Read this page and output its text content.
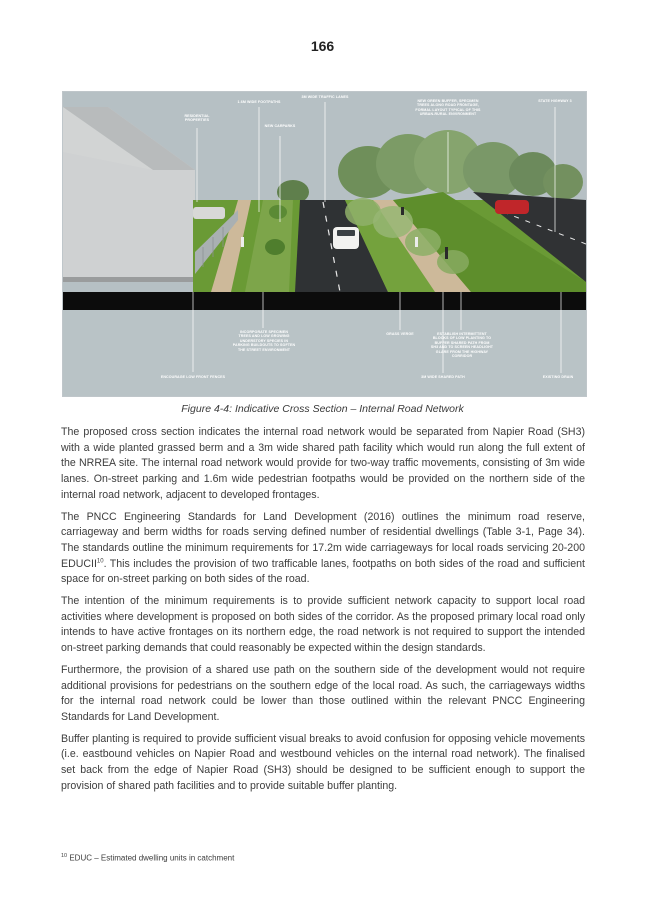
166
RESIDENTIAL
PROPERTIES
1.6M WIDE FOOTPATHS
3M WIDE TRAFFIC LANES
NEW CARPARKS
NEW GREEN BUFFER, SPECIMEN
TREES ALONG ROAD FRONTAGE,
FORMAL LAYOUT TYPICAL OF THIS
URBAN-RURAL ENVIRONMENT
STATE HIGHWAY 3
INCORPORATE SPECIMEN
TREES AND LOW GROWING
UNDERSTORY SPECIES IN
PARKING BUILDOUTS TO SOFTEN
THE STREET ENVIRONMENT
GRASS VERGE	ESTABLISH INTERMITTENT
BLOCKS OF LOW PLANTING TO
BUFFER SHARED PATH FROM
SH3 AND TO SCREEN HEADLIGHT
GLARE FROM THE HIGHWAY
CORRIDOR
ENCOURAGE LOW FRONT FENCES	3M WIDE SHARED PATH	EXISTING DRAIN
Figure 4-4: Indicative Cross Section – Internal Road Network

The proposed cross section indicates the internal road network would be separated from Napier Road (SH3) with a wide planted grassed berm and a 3m wide shared path facility which would run along the full extent of the NRREA site. The internal road network would provide for two-way traffic movements, consisting of 3m wide lanes. On-street parking and 1.6m wide pedestrian footpaths would be provided on the northern side of the internal road network, adjacent to developed frontages.

The PNCC Engineering Standards for Land Development (2016) outlines the minimum road reserve, carriageway and berm widths for roads serving defined number of residential dwellings (Table 3-1, Page 34). The standards outline the minimum requirements for 17.2m wide carriageways for local roads servicing 20-200 EDUCII$^{10}$. This includes the provision of two trafficable lanes, footpaths on both sides of the road and sufficient space for on-street parking on both sides of the road.

The intention of the minimum requirements is to provide sufficient network capacity to support local road activities where development is proposed on both sides of the corridor. As the proposed primary local road only intends to have active frontages on its northern edge, the road network is not required to support the intended on-street parking demands that could reasonably be expected within the design standards.

Furthermore, the provision of a shared use path on the southern side of the development would not require additional provisions for pedestrians on the southern edge of the local road. As such, the carriageways widths for the internal road network could be lower than those outlined within the relevant PNCC Engineering Standards for Land Development.

Buffer planting is required to provide sufficient visual breaks to avoid confusion for opposing vehicle movements (i.e. eastbound vehicles on Napier Road and westbound vehicles on the internal road network). The finalised set back from the edge of Napier Road (SH3) should be designed to be sufficient enough to support the provision of shared path facilities and to provide suitable buffer planting.

$^{10}$ EDUC – Estimated dwelling units in catchment
